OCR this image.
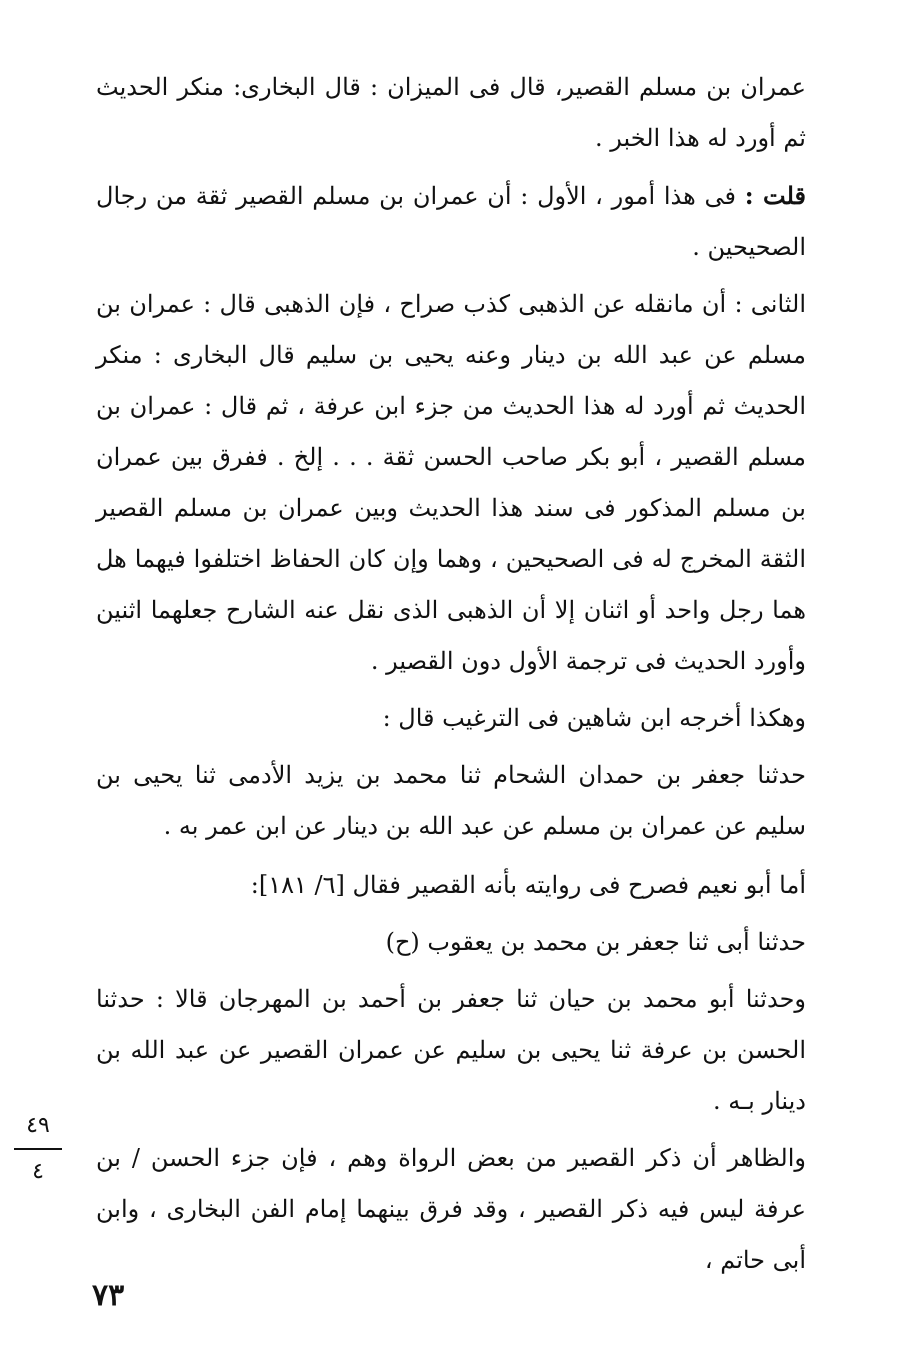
عمران بن مسلم القصير، قال فى الميزان : قال البخارى: منكر الحديث ثم أورد له هذا الخبر .

قلت : فى هذا أمور ، الأول : أن عمران بن مسلم القصير ثقة من رجال الصحيحين .

الثانى : أن مانقله عن الذهبى كذب صراح ، فإن الذهبى قال : عمران بن مسلم عن عبد الله بن دينار وعنه يحيى بن سليم قال البخارى : منكر الحديث ثم أورد له هذا الحديث من جزء ابن عرفة ، ثم قال : عمران بن مسلم القصير ، أبو بكر صاحب الحسن ثقة . . . إلخ . ففرق بين عمران بن مسلم المذكور فى سند هذا الحديث وبين عمران بن مسلم القصير الثقة المخرج له فى الصحيحين ، وهما وإن كان الحفاظ اختلفوا فيهما هل هما رجل واحد أو اثنان إلا أن الذهبى الذى نقل عنه الشارح جعلهما اثنين وأورد الحديث فى ترجمة الأول دون القصير .

وهكذا أخرجه ابن شاهين فى الترغيب قال :

حدثنا جعفر بن حمدان الشحام ثنا محمد بن يزيد الأدمى ثنا يحيى بن سليم عن عمران بن مسلم عن عبد الله بن دينار عن ابن عمر به .

أما أبو نعيم فصرح فى روايته بأنه القصير فقال [٦/ ١٨١]:

حدثنا أبى ثنا جعفر بن محمد بن يعقوب (ح)

وحدثنا أبو محمد بن حيان ثنا جعفر بن أحمد بن المهرجان قالا : حدثنا الحسن بن عرفة ثنا يحيى بن سليم عن عمران القصير عن عبد الله بن دينار بـه .

والظاهر أن ذكر القصير من بعض الرواة وهم ، فإن جزء الحسن / بن عرفة ليس فيه ذكر القصير ، وقد فرق بينهما إمام الفن البخارى ، وابن أبى حاتم ،

٤٩
٤
٧٣
